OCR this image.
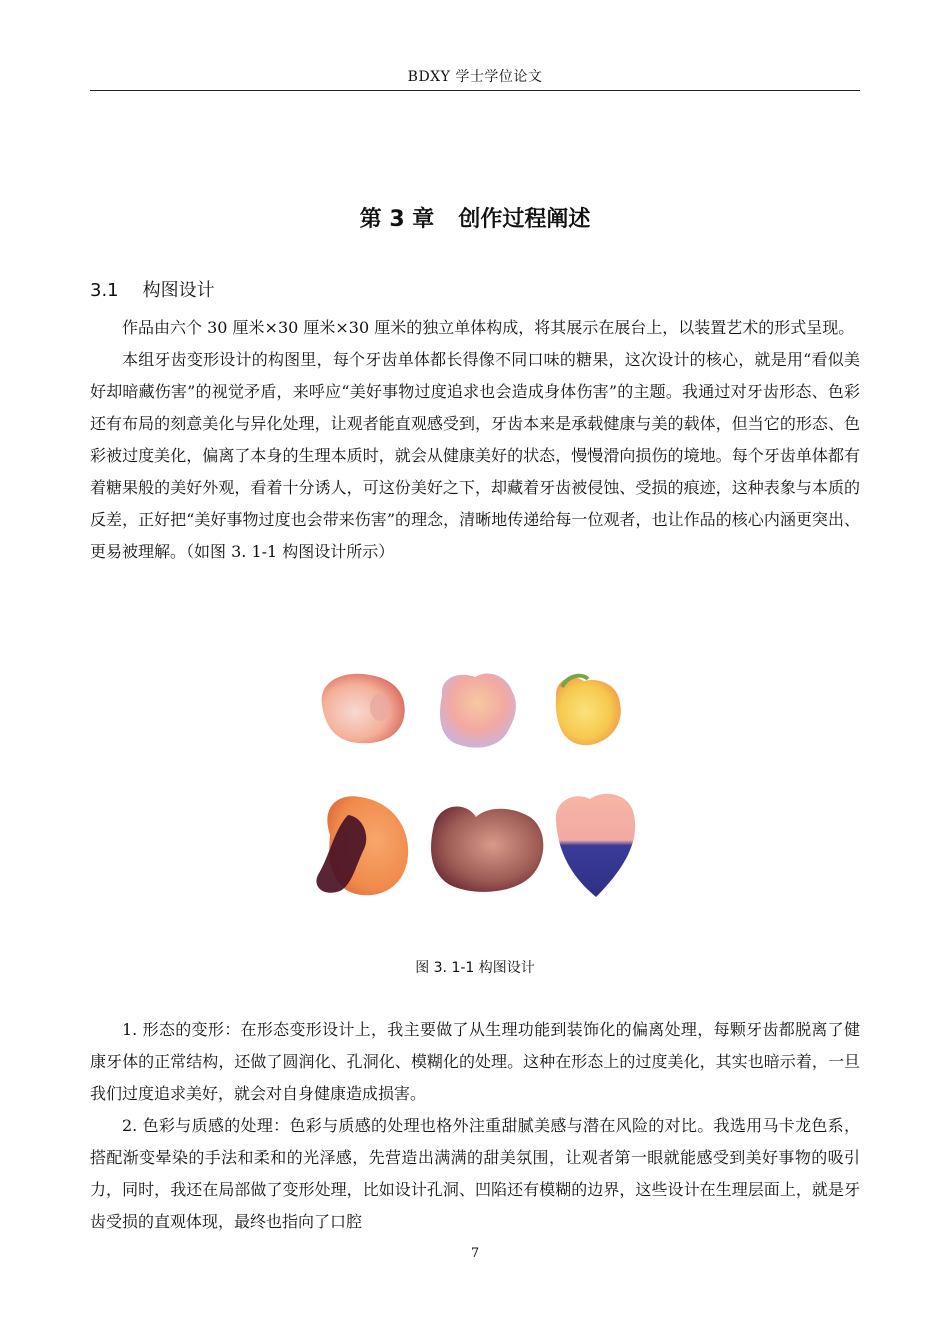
BDXY 学士学位论文
第 3 章 创作过程阐述
3.1 构图设计

作品由六个 30 厘米×30 厘米×30 厘米的独立单体构成，将其展示在展台上，以装置艺术的形式呈现。

本组牙齿变形设计的构图里，每个牙齿单体都长得像不同口味的糖果，这次设计的核心，就是用“看似美好却暗藏伤害”的视觉矛盾，来呼应“美好事物过度追求也会造成身体伤害”的主题。我通过对牙齿形态、色彩还有布局的刻意美化与异化处理，让观者能直观感受到，牙齿本来是承载健康与美的载体，但当它的形态、色彩被过度美化，偏离了本身的生理本质时，就会从健康美好的状态，慢慢滑向损伤的境地。每个牙齿单体都有着糖果般的美好外观，看着十分诱人，可这份美好之下，却藏着牙齿被侵蚀、受损的痕迹，这种表象与本质的反差，正好把“美好事物过度也会带来伤害”的理念，清晰地传递给每一位观者，也让作品的核心内涵更突出、更易被理解。（如图 3. 1-1 构图设计所示）

图 3. 1-1 构图设计

1. 形态的变形：在形态变形设计上，我主要做了从生理功能到装饰化的偏离处理，每颗牙齿都脱离了健康牙体的正常结构，还做了圆润化、孔洞化、模糊化的处理。这种在形态上的过度美化，其实也暗示着，一旦我们过度追求美好，就会对自身健康造成损害。

2. 色彩与质感的处理：色彩与质感的处理也格外注重甜腻美感与潜在风险的对比。我选用马卡龙色系，搭配渐变晕染的手法和柔和的光泽感，先营造出满满的甜美氛围，让观者第一眼就能感受到美好事物的吸引力，同时，我还在局部做了变形处理，比如设计孔洞、凹陷还有模糊的边界，这些设计在生理层面上，就是牙齿受损的直观体现，最终也指向了口腔

7
